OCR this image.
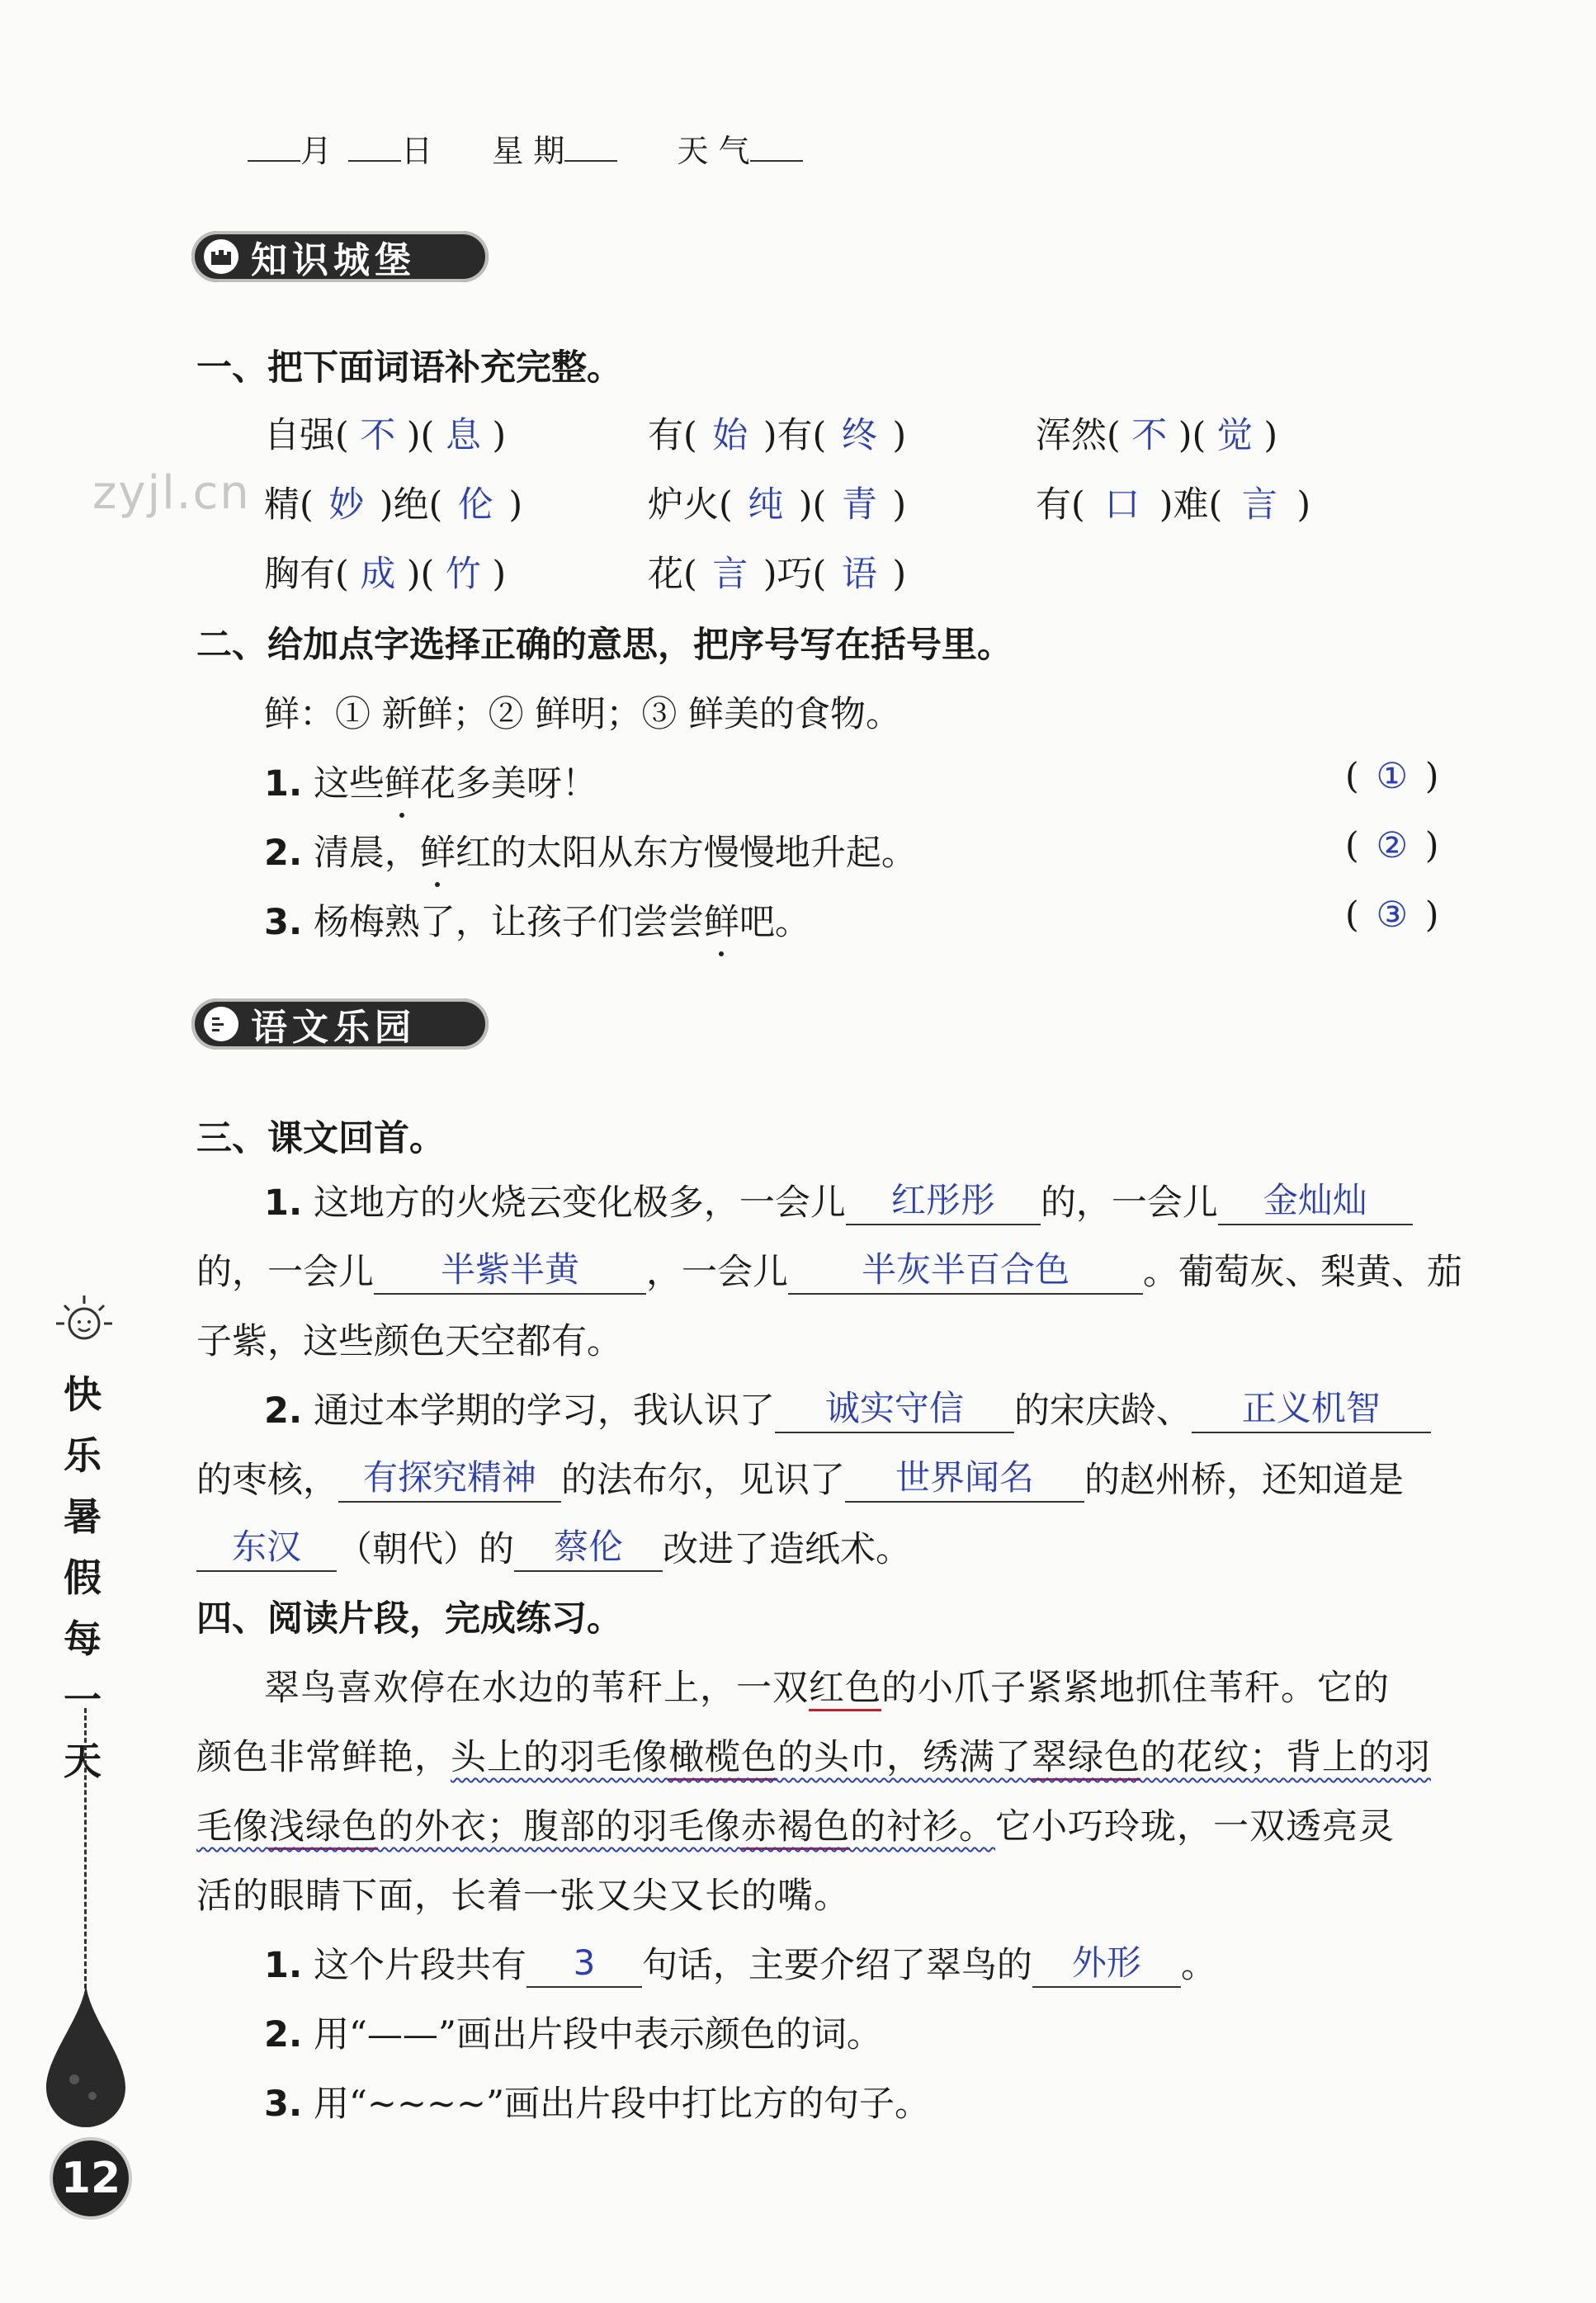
zyjl.cn
月 日 星 期	天 气
知识城堡
一、把下面词语补充完整。
自强( 不 )( 息 )	有( 始 )有( 终 )	浑然( 不 )( 觉 )
精( 妙 )绝( 伦 )	炉火( 纯 )( 青 )	有( 口 )难( 言 )
胸有( 成 )( 竹 )	花( 言 )巧( 语 )
二、给加点字选择正确的意思，把序号写在括号里。
鲜：① 新鲜；② 鲜明；③ 鲜美的食物。
1. 这些鲜花多美呀！	( ① )
2. 清晨，鲜红的太阳从东方慢慢地升起。	( ② )
3. 杨梅熟了，让孩子们尝尝鲜吧。	( ③ )
语文乐园
三、课文回首。
1. 这地方的火烧云变化极多，一会儿 红彤彤 的，一会儿 金灿灿
的，一会儿 半紫半黄 ，一会儿 半灰半百合色 。葡萄灰、梨黄、茄
子紫，这些颜色天空都有。
2. 通过本学期的学习，我认识了 诚实守信 的宋庆龄、 正义机智
的枣核， 有探究精神 的法布尔，见识了 世界闻名 的赵州桥，还知道是
东汉 （朝代）的 蔡伦 改进了造纸术。
四、阅读片段，完成练习。
翠鸟喜欢停在水边的苇秆上，一双红色的小爪子紧紧地抓住苇秆。它的
颜色非常鲜艳，头上的羽毛像橄榄色的头巾，绣满了翠绿色的花纹；背上的羽
毛像浅绿色的外衣；腹部的羽毛像赤褐色的衬衫。它小巧玲珑，一双透亮灵
活的眼睛下面，长着一张又尖又长的嘴。
1. 这个片段共有 3 句话，主要介绍了翠鸟的 外形 。
2. 用“——”画出片段中表示颜色的词。
3. 用“~~~~”画出片段中打比方的句子。
快
乐
暑
假
每
一
天
12
